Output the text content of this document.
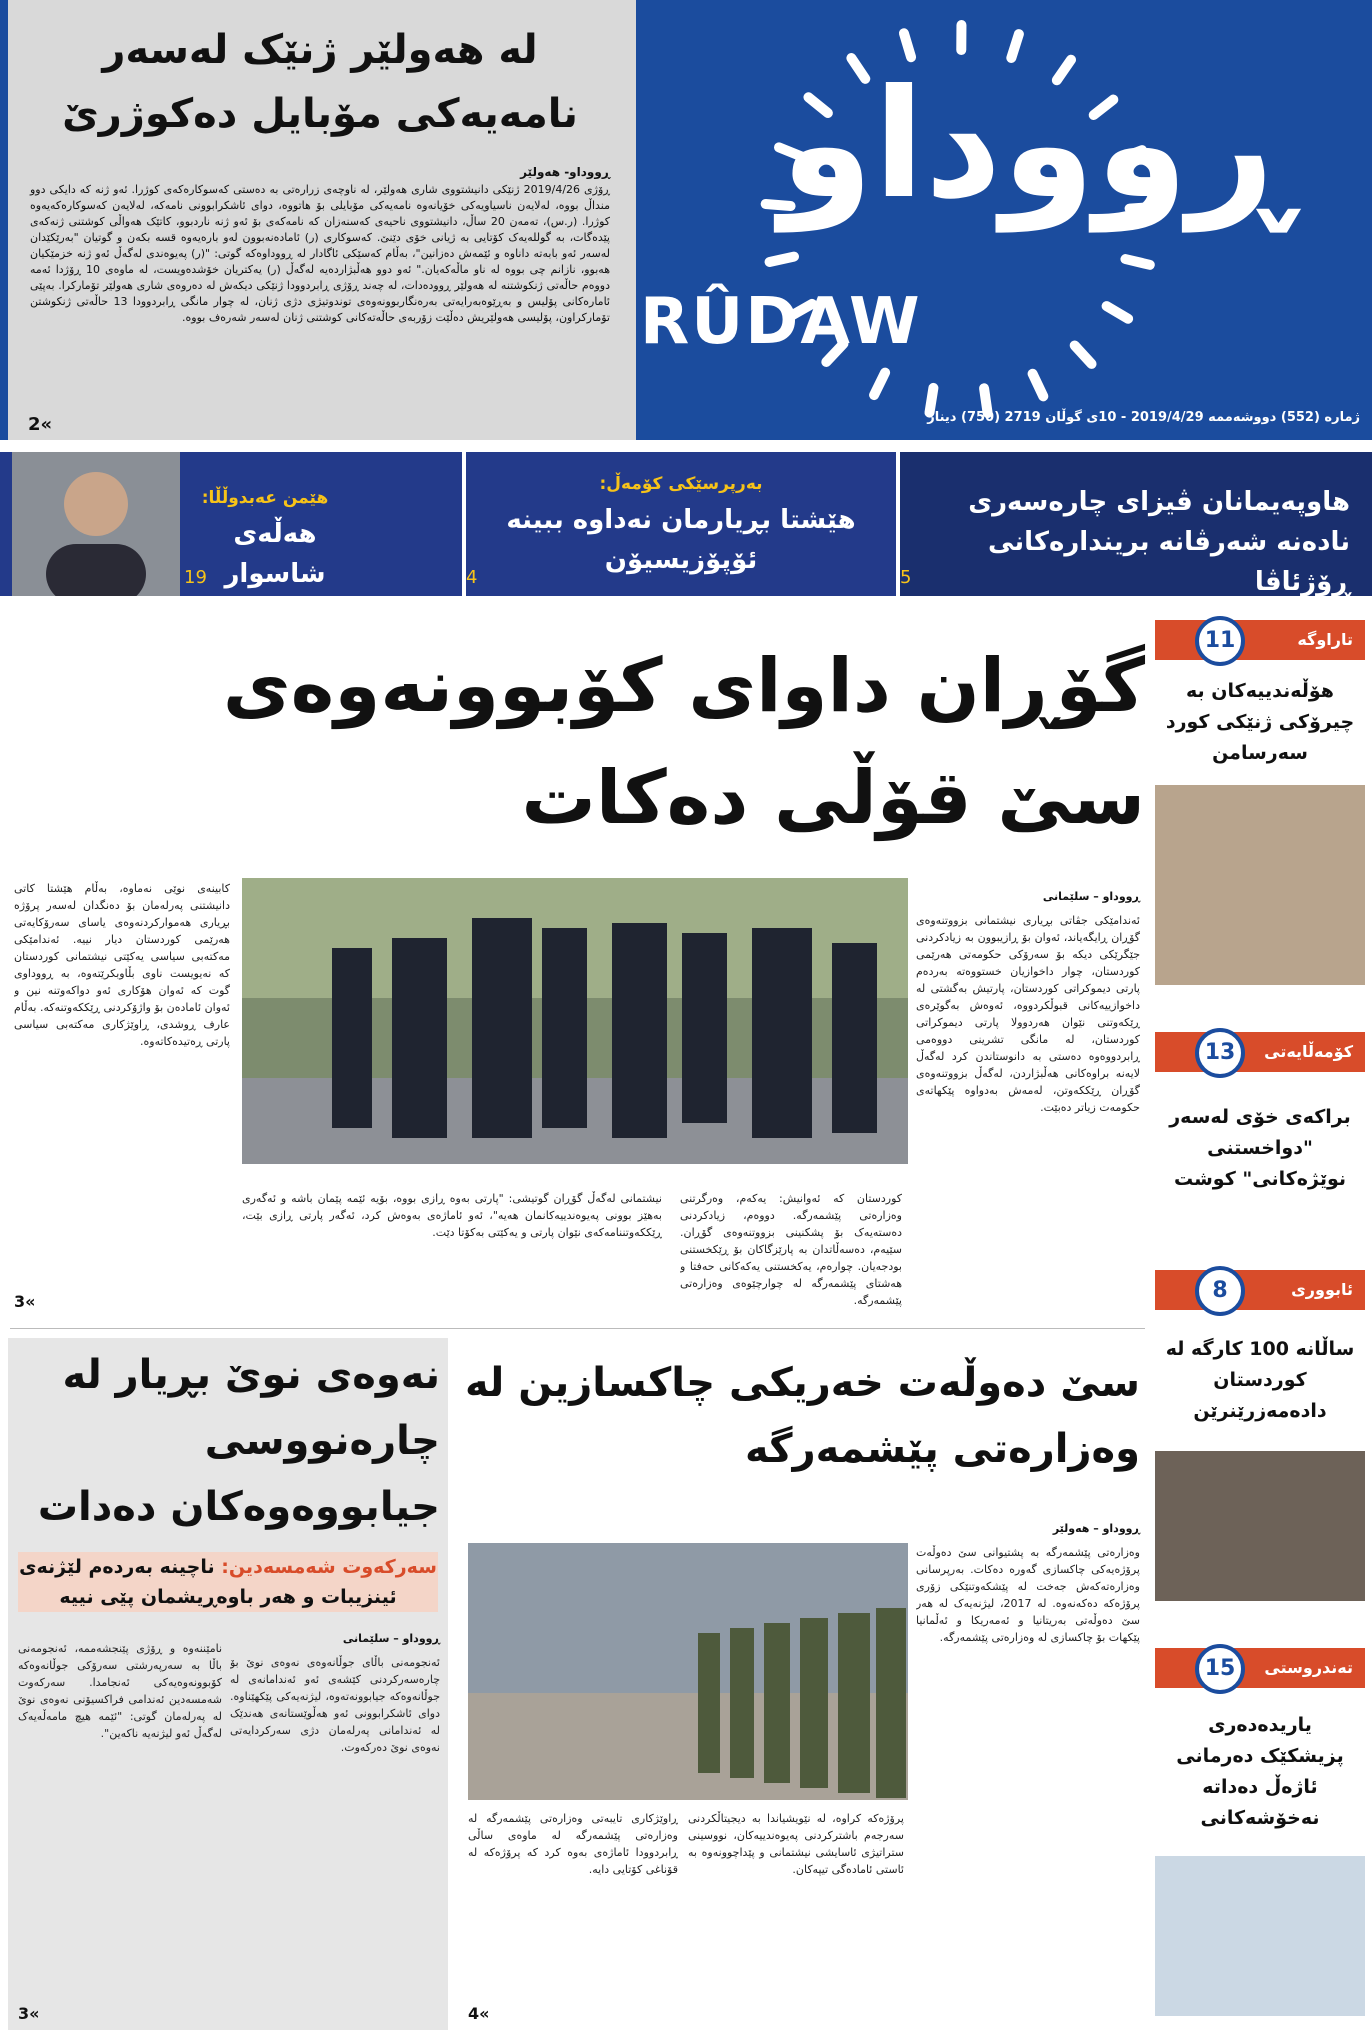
لە هەولێر ژنێک لەسەر نامەیەکی مۆبایل دەکوژرێ
ڕووداو- هەولێر
ڕۆژی 2019/4/26 ژنێکی دانیشتووی شاری هەولێر، لە ناوچەی زرارەتی بە دەستی کەسوکارەکەی کوژرا. ئەو ژنە کە دایکی دوو منداڵ بووە، لەلایەن ناسیاویەکی خۆیانەوە نامەیەکی مۆبایلی بۆ هاتووە، دوای ئاشکرابوونی نامەکە، لەلایەن کەسوکارەکەیەوە کوژرا. (ر.س)، تەمەن 20 ساڵ، دانیشتووی ناحیەی کەسنەزان کە نامەکەی بۆ ئەو ژنە ناردبوو، کاتێک هەواڵی کوشتنی ژنەکەی پێدەگات، بە گوللەیەک کۆتایی بە ژیانی خۆی دێنێ. کەسوکاری (ر) ئامادەنەبوون لەو بارەیەوە قسە بکەن و گوتیان "بەرێکێدان لەسەر ئەو بابەتە داناوە و ئێمەش دەزانین"، بەڵام کەسێکی ئاگادار لە ڕووداوەکە گوتی: "(ر) پەیوەندی لەگەڵ ئەو ژنە خزمێکیان هەبوو، نازانم چی بووە لە ناو ماڵەکەیان." ئەو دوو هەڵبژاردەیە لەگەڵ (ر) یەکتریان خۆشدەویست، لە ماوەی 10 ڕۆژدا ئەمە دووەم حاڵەتی ژنکوشتنە لە هەولێر ڕوودەدات، لە چەند ڕۆژی ڕابردوودا ژنێکی دیکەش لە دەروەی شاری هەولێر تۆمارکرا. بەپێی ئامارەکانی پۆلیس و بەڕێوەبەرایەتی بەرەنگاربوونەوەی توندوتیژی دژی ژنان، لە چوار مانگی ڕابردوودا 13 حاڵەتی ژنکوشتن تۆمارکراون، پۆلیسی هەولێریش دەڵێت زۆربەی حاڵەتەکانی کوشتنی ژنان لەسەر شەرەف بووە.
2«
ڕووداو
RÛDAW
ژمارە (552) دووشەممە 2019/4/29 - 10ی گوڵان 2719 (750) دینار
هاوپەیمانان ڤیزای چارەسەری نادەنە شەرڤانە بریندارەکانی ڕۆژئاڤا
5
بەرپرسێکی کۆمەڵ:
هێشتا بڕیارمان نەداوە ببینە ئۆپۆزیسیۆن
4
هێمن عەبدوڵڵا:
هەڵەی شاسوار
19
گۆڕان داوای کۆبوونەوەی سێ قۆڵی دەکات
ڕووداو – سلێمانی
ئەندامێکی جڤاتی بڕیاری نیشتمانی بزووتنەوەی گۆڕان ڕایگەیاند، ئەوان بۆ ڕازیبوون بە زیادکردنی جێگرێکی دیکە بۆ سەرۆکی حکومەتی هەرێمی کوردستان، چوار داخوازیان خستووەتە بەردەم پارتی دیموکراتی کوردستان، پارتیش بەگشتی لە داخوازییەکانی قبوڵکردووە، ئەوەش بەگوێرەی ڕێکەوتنی نێوان هەردوولا پارتی دیموکراتی کوردستان، لە مانگی تشرینی دووەمی ڕابردووەوە دەستی بە دانوستاندن کرد لەگەڵ لایەنە براوەکانی هەڵبژاردن، لەگەڵ بزووتنەوەی گۆڕان ڕێککەوتن، لەمەش بەدواوە پێکهاتەی حکومەت زیاتر دەبێت.
کوردستان کە ئەوانیش: یەکەم، وەرگرتنی وەزارەتی پێشمەرگە. دووەم، زیادکردنی دەستەیەک بۆ پشکنینی بزووتنەوەی گۆڕان. سێیەم، دەسەڵاتدان بە پارێزگاکان بۆ ڕێکخستنی بودجەیان. چوارەم، یەکخستنی یەکەکانی حەفتا و هەشتای پێشمەرگە لە چوارچێوەی وەزارەتی پێشمەرگە.
نیشتمانی لەگەڵ گۆڕان گوتیشی: "پارتی بەوە ڕازی بووە، بۆیە ئێمە پێمان باشە و ئەگەری بەهێز بوونی پەیوەندییەکانمان هەیە"، ئەو ئاماژەی بەوەش کرد، ئەگەر پارتی ڕازی بێت، ڕێککەوتننامەکەی نێوان پارتی و یەکێتی بەکۆتا دێت.
کابینەی نوێی نەماوە، بەڵام هێشتا کاتی دانیشتنی پەرلەمان بۆ دەنگدان لەسەر پرۆژە بڕیاری هەموارکردنەوەی یاسای سەرۆکایەتی هەرێمی کوردستان دیار نییە. ئەندامێکی مەکتەبی سیاسی یەکێتی نیشتمانی کوردستان کە نەیویست ناوی بڵاوبکرێتەوە، بە ڕووداوی گوت کە ئەوان هۆکاری ئەو دواکەوتنە نین و ئەوان ئامادەن بۆ واژۆکردنی ڕێککەوتنەکە. بەڵام عارف ڕوشدی، ڕاوێژکاری مەکتەبی سیاسی پارتی ڕەتیدەکاتەوە.
3«
تاراوگە
11
هۆڵەندییەکان بە چیرۆکی ژنێکی کورد سەرسامن
کۆمەڵایەتی
13
براکەی خۆی لەسەر "دواخستنی نوێژەکانی" کوشت
ئابووری
8
ساڵانە 100 کارگە لە کوردستان دادەمەزرێنرێن
تەندروستی
15
یاریدەدەری پزیشکێک دەرمانی ئاژەڵ دەداتە نەخۆشەکانی
سێ دەوڵەت خەریکی چاکسازین لە وەزارەتی پێشمەرگە
ڕووداو – هەولێر
وەزارەتی پێشمەرگە بە پشتیوانی سێ دەوڵەت پرۆژەیەکی چاکسازی گەورە دەکات. بەرپرسانی وەزارەتەکەش جەخت لە پێشکەوتنێکی زۆری پرۆژەکە دەکەنەوە. لە 2017، لیژنەیەک لە هەر سێ دەوڵەتی بەریتانیا و ئەمەریکا و ئەڵمانیا پێکهات بۆ چاکسازی لە وەزارەتی پێشمەرگە.
پرۆژەکە کراوە، لە نێویشیاندا بە دیجیتاڵکردنی سەرجەم باشترکردنی پەیوەندییەکان، نووسینی ستراتیژی ئاسایشی نیشتمانی و پێداچوونەوە بە ئاستی ئامادەگی تیپەکان.
ڕاوێژکاری تایبەتی وەزارەتی پێشمەرگە لە وەزارەتی پێشمەرگە لە ماوەی ساڵی ڕابردوودا ئاماژەی بەوە کرد کە پرۆژەکە لە قۆناغی کۆتایی دایە.
4«
نەوەی نوێ بڕیار لە چارەنووسی جیابووەوەکان دەدات
سەرکەوت شەمسەدین: ناچینە بەردەم لێژنەی ئینزیبات و هەر باوەڕیشمان پێی نییە
ڕووداو – سلێمانی
ئەنجومەنی باڵای جوڵانەوەی نەوەی نوێ بۆ چارەسەرکردنی کێشەی ئەو ئەندامانەی لە جوڵانەوەکە جیابوونەتەوە، لیژنەیەکی پێکهێناوە. دوای ئاشکرابوونی ئەو هەڵوێستانەی هەندێک لە ئەندامانی پەرلەمان دژی سەرکردایەتی نەوەی نوێ دەرکەوت.
نامێننەوە و ڕۆژی پێنجشەممە، ئەنجومەنی باڵا بە سەرپەرشتی سەرۆکی جوڵانەوەکە کۆبوونەوەیەکی ئەنجامدا. سەرکەوت شەمسەدین ئەندامی فراکسیۆنی نەوەی نوێ لە پەرلەمان گوتی: "ئێمە هیچ مامەڵەیەک لەگەڵ ئەو لیژنەیە ناکەین".
3«
